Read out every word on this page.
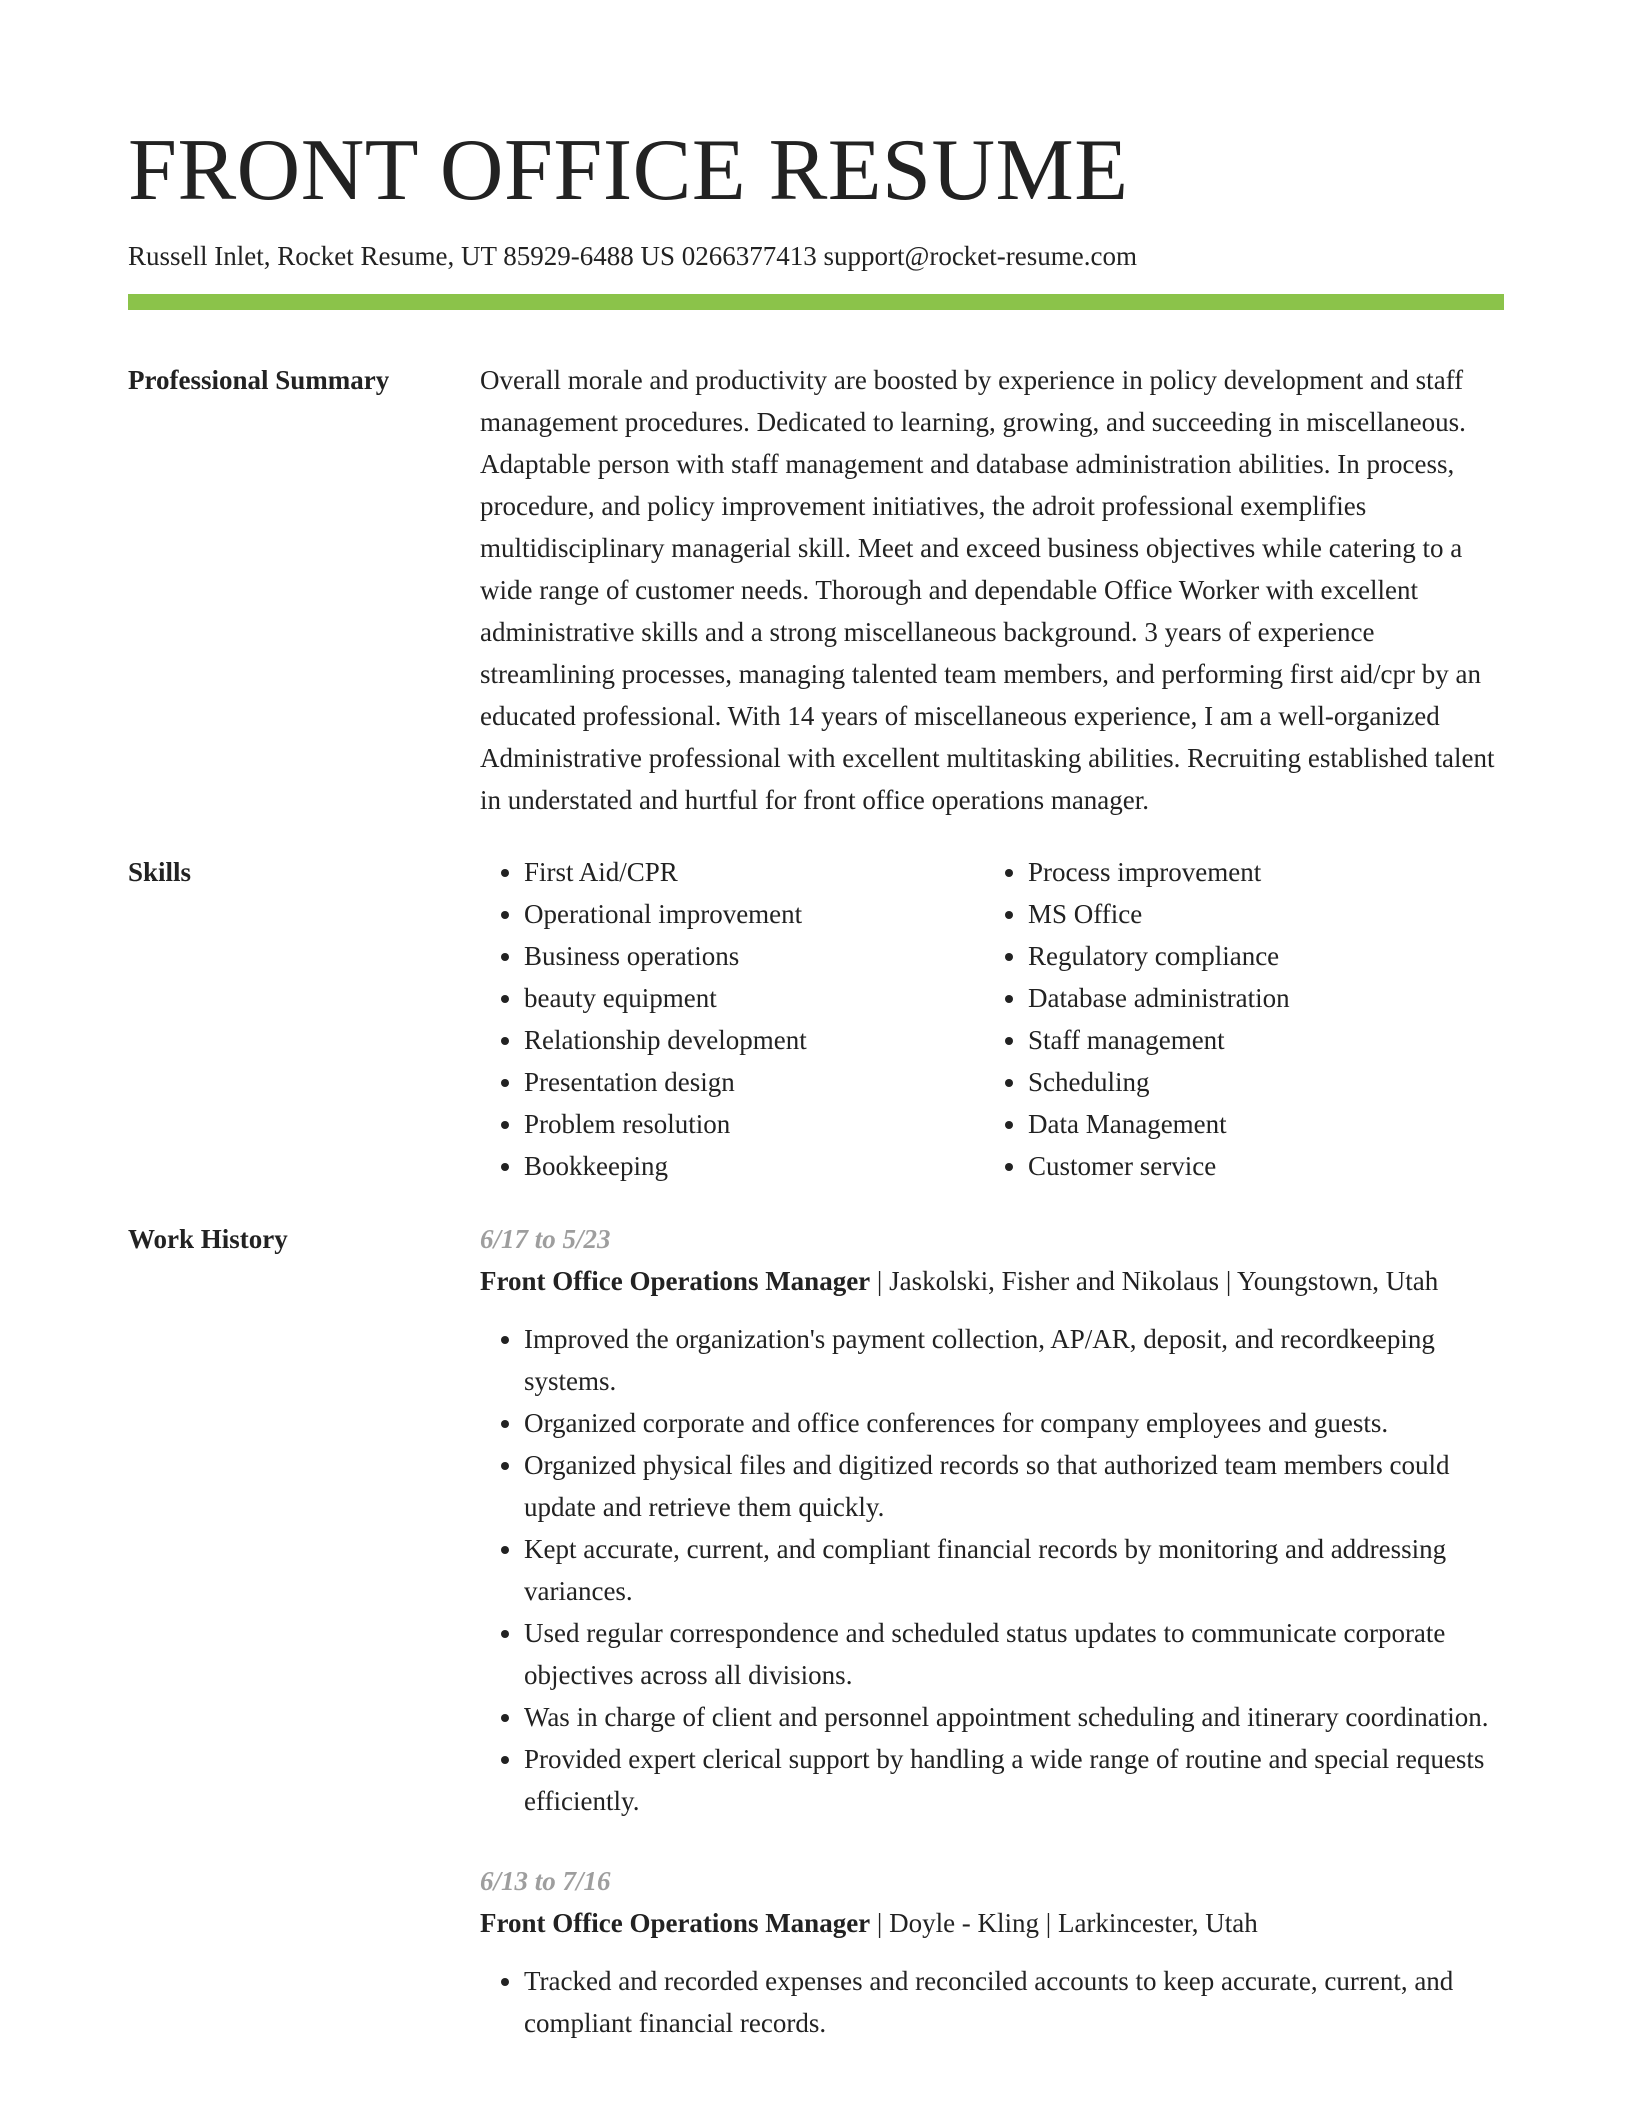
FRONT OFFICE RESUME
Russell Inlet, Rocket Resume, UT 85929-6488 US 0266377413 support@rocket-resume.com
Professional Summary	Overall morale and productivity are boosted by experience in policy development and staff management procedures. Dedicated to learning, growing, and succeeding in miscellaneous. Adaptable person with staff management and database administration abilities. In process, procedure, and policy improvement initiatives, the adroit professional exemplifies multidisciplinary managerial skill. Meet and exceed business objectives while catering to a wide range of customer needs. Thorough and dependable Office Worker with excellent administrative skills and a strong miscellaneous background. 3 years of experience streamlining processes, managing talented team members, and performing first aid/cpr by an educated professional. With 14 years of miscellaneous experience, I am a well-organized Administrative professional with excellent multitasking abilities. Recruiting established talent in understated and hurtful for front office operations manager.

Skills
•	First Aid/CPR
• Operational improvement
• Business operations
• beauty equipment
• Relationship development
• Presentation design
• Problem resolution
• Bookkeeping
• Process improvement
• MS Office
• Regulatory compliance
• Database administration
• Staff management
• Scheduling
• Data Management
• Customer service
Work History	6/17 to 5/23
Front Office Operations Manager | Jaskolski, Fisher and Nikolaus | Youngstown, Utah
• Improved the organization's payment collection, AP/AR, deposit, and recordkeeping systems.
• Organized corporate and office conferences for company employees and guests.
• Organized physical files and digitized records so that authorized team members could update and retrieve them quickly.
• Kept accurate, current, and compliant financial records by monitoring and addressing variances.
• Used regular correspondence and scheduled status updates to communicate corporate objectives across all divisions.
• Was in charge of client and personnel appointment scheduling and itinerary coordination.
• Provided expert clerical support by handling a wide range of routine and special requests efficiently.
6/13 to 7/16
Front Office Operations Manager | Doyle - Kling | Larkincester, Utah
• Tracked and recorded expenses and reconciled accounts to keep accurate, current, and compliant financial records.
